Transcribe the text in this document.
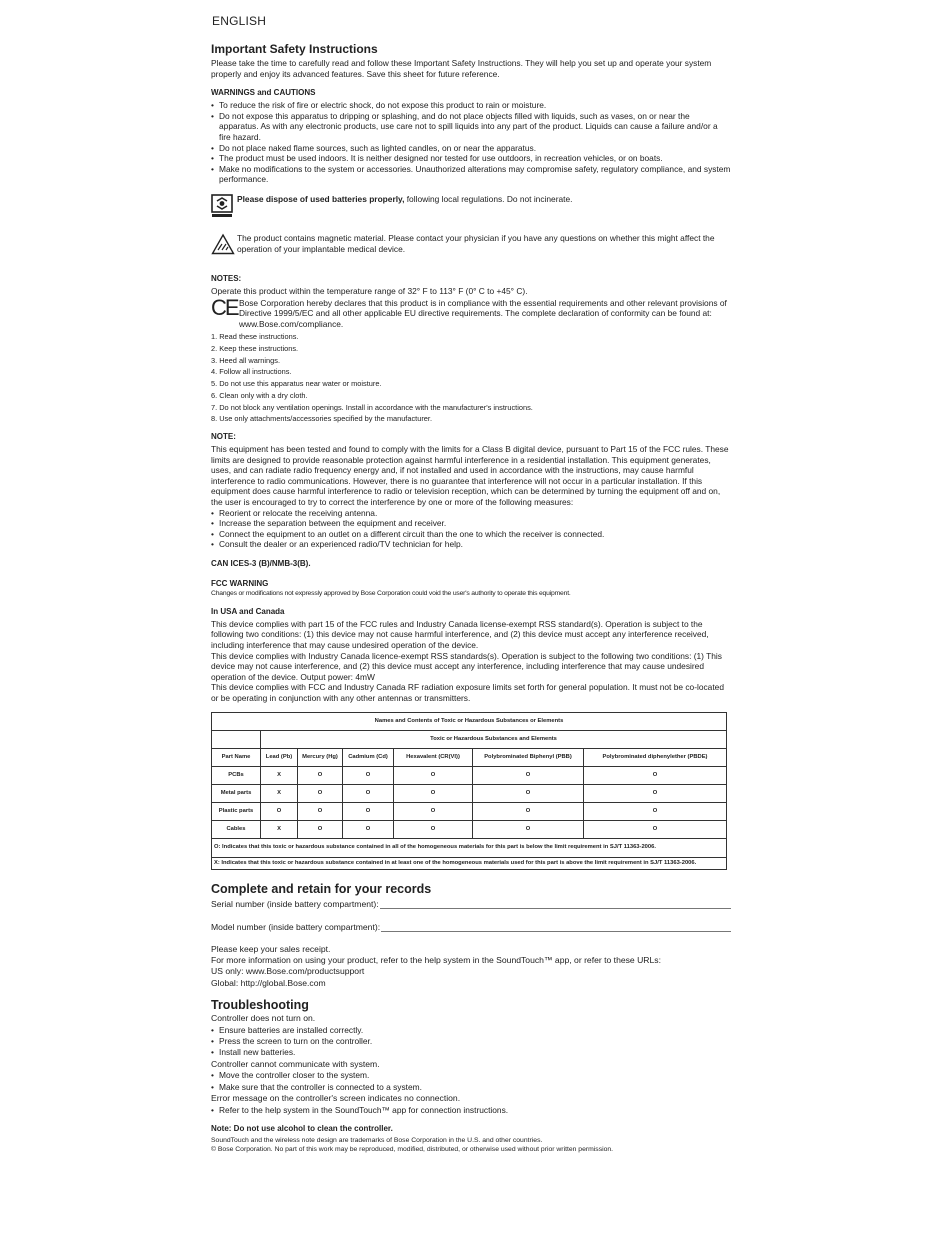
ENGLISH
Important Safety Instructions

Please take the time to carefully read and follow these Important Safety Instructions. They will help you set up and operate your system properly and enjoy its advanced features. Save this sheet for future reference.

WARNINGS and CAUTIONS
• To reduce the risk of fire or electric shock, do not expose this product to rain or moisture.
• Do not expose this apparatus to dripping or splashing, and do not place objects filled with liquids, such as vases, on or near the apparatus. As with any electronic products, use care not to spill liquids into any part of the product. Liquids can cause a failure and/or a fire hazard.
• Do not place naked flame sources, such as lighted candles, on or near the apparatus.
• The product must be used indoors. It is neither designed nor tested for use outdoors, in recreation vehicles, or on boats.
• Make no modifications to the system or accessories. Unauthorized alterations may compromise safety, regulatory compliance, and system performance.
Please dispose of used batteries properly, following local regulations. Do not incinerate.
The product contains magnetic material. Please contact your physician if you have any questions on whether this might affect the operation of your implantable medical device.
NOTES:

Operate this product within the temperature range of 32° F to 113° F (0° C to +45° C).

CE Bose Corporation hereby declares that this product is in compliance with the essential requirements and other relevant provisions of Directive 1999/5/EC and all other applicable EU directive requirements. The complete declaration of conformity can be found at: www.Bose.com/compliance.

1. Read these instructions.
2. Keep these instructions.
3. Heed all warnings.
4. Follow all instructions.
5. Do not use this apparatus near water or moisture.
6. Clean only with a dry cloth.
7. Do not block any ventilation openings. Install in accordance with the manufacturer's instructions.
8. Use only attachments/accessories specified by the manufacturer.
NOTE:

This equipment has been tested and found to comply with the limits for a Class B digital device, pursuant to Part 15 of the FCC rules. These limits are designed to provide reasonable protection against harmful interference in a residential installation. This equipment generates, uses, and can radiate radio frequency energy and, if not installed and used in accordance with the instructions, may cause harmful interference to radio communications. However, there is no guarantee that interference will not occur in a particular installation. If this equipment does cause harmful interference to radio or television reception, which can be determined by turning the equipment off and on, the user is encouraged to try to correct the interference by one or more of the following measures:

• Reorient or relocate the receiving antenna.
• Increase the separation between the equipment and receiver.
• Connect the equipment to an outlet on a different circuit than the one to which the receiver is connected.
• Consult the dealer or an experienced radio/TV technician for help.
CAN ICES-3 (B)/NMB-3(B).
FCC WARNING

Changes or modifications not expressly approved by Bose Corporation could void the user's authority to operate this equipment.

In USA and Canada

This device complies with part 15 of the FCC rules and Industry Canada license-exempt RSS standard(s). Operation is subject to the following two conditions: (1) this device may not cause harmful interference, and (2) this device must accept any interference received, including interference that may cause undesired operation of the device.

This device complies with Industry Canada licence-exempt RSS standards(s). Operation is subject to the following two conditions: (1) This device may not cause interference, and (2) this device must accept any interference, including interference that may cause undesired operation of the device. Output power: 4mW

This device complies with FCC and Industry Canada RF radiation exposure limits set forth for general population. It must not be co-located or be operating in conjunction with any other antennas or transmitters.

Names and Contents of Toxic or Hazardous Substances or Elements						
	Toxic or Hazardous Substances and Elements					
Part Name	Lead (Pb)	Mercury (Hg)	Cadmium (Cd)	Hexavalent (CR(VI))	Polybrominated Biphenyl (PBB)	Polybrominated diphenylether (PBDE)
PCBs	X	O	O	O	O	O
Metal parts	X	O	O	O	O	O
Plastic parts	O	O	O	O	O	O
Cables	X	O	O	O	O	O
O: Indicates that this toxic or hazardous substance contained in all of the homogeneous materials for this part is below the limit requirement in SJ/T 11363-2006.						
X: Indicates that this toxic or hazardous substance contained in at least one of the homogeneous materials used for this part is above the limit requirement in SJ/T 11363-2006.						
Complete and retain for your records
Serial number (inside battery compartment):
Model number (inside battery compartment):

Please keep your sales receipt.

For more information on using your product, refer to the help system in the SoundTouch™ app, or refer to these URLs:

US only: www.Bose.com/productsupport

Global: http://global.Bose.com

Troubleshooting

Controller does not turn on.

• Ensure batteries are installed correctly.
• Press the screen to turn on the controller.
• Install new batteries.

Controller cannot communicate with system.

• Move the controller closer to the system.
• Make sure that the controller is connected to a system.

Error message on the controller's screen indicates no connection.

• Refer to the help system in the SoundTouch™ app for connection instructions.
Note: Do not use alcohol to clean the controller.

SoundTouch and the wireless note design are trademarks of Bose Corporation in the U.S. and other countries.

© Bose Corporation. No part of this work may be reproduced, modified, distributed, or otherwise used without prior written permission.
